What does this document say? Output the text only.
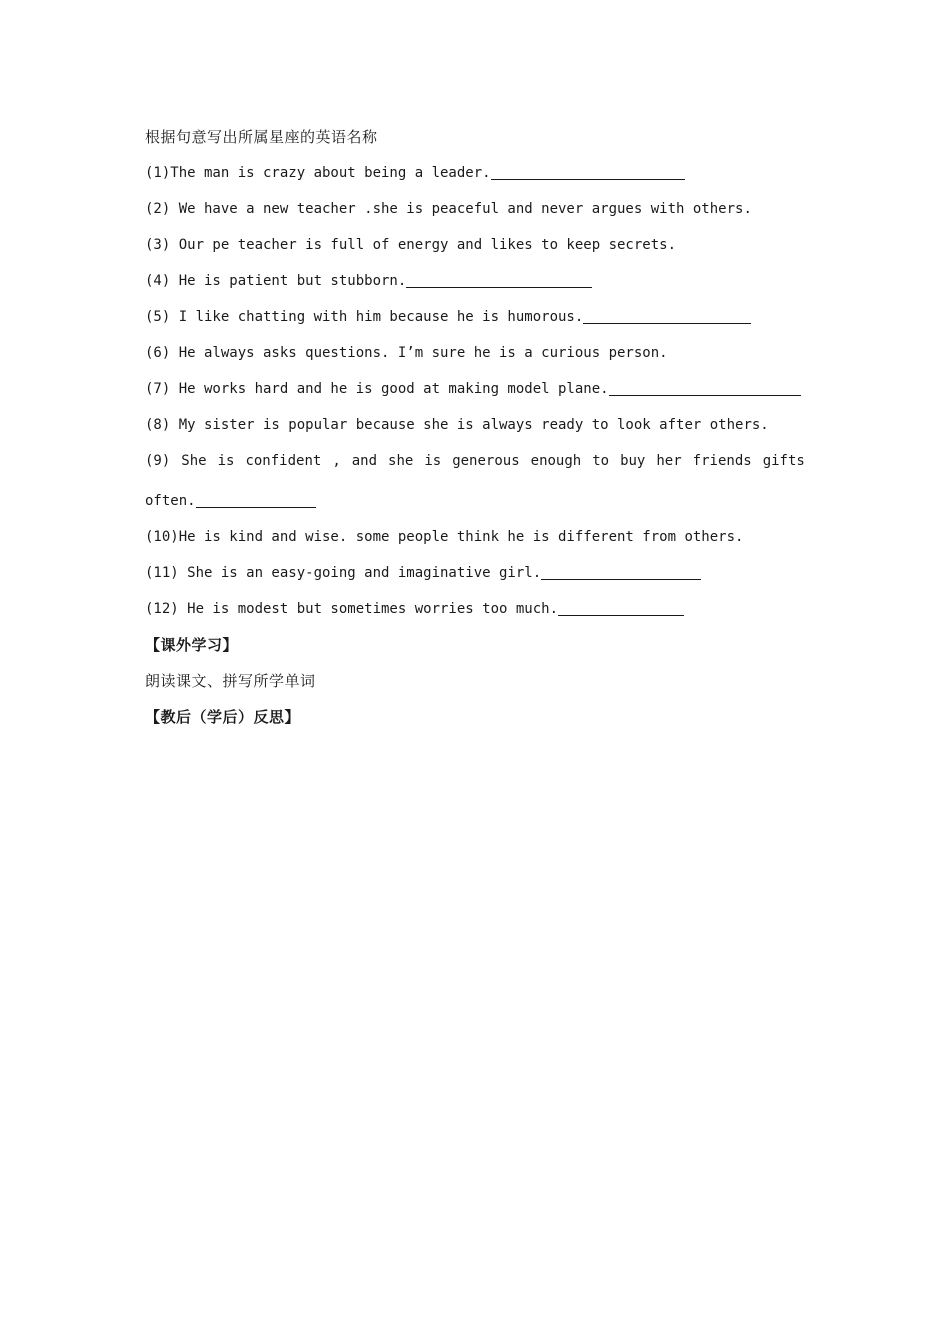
根据句意写出所属星座的英语名称
(1)The man is crazy about being a leader.
(2) We have a new teacher .she is peaceful and never argues with others.
(3) Our pe teacher is full of energy and likes to keep secrets.
(4) He is patient but stubborn.
(5) I like chatting with him because he is humorous.
(6) He always asks questions. I’m sure he is a curious person.
(7) He works hard and he is good at making model plane.
(8) My sister is popular because she is always ready to look after others.
(9) She is confident , and she is generous enough to buy her friends gifts
often.
(10)He is kind and wise. some people think he is different from others.
(11) She is an easy-going and imaginative girl.
(12) He is modest but sometimes worries too much.
【课外学习】
朗读课文、拼写所学单词
【教后（学后）反思】
